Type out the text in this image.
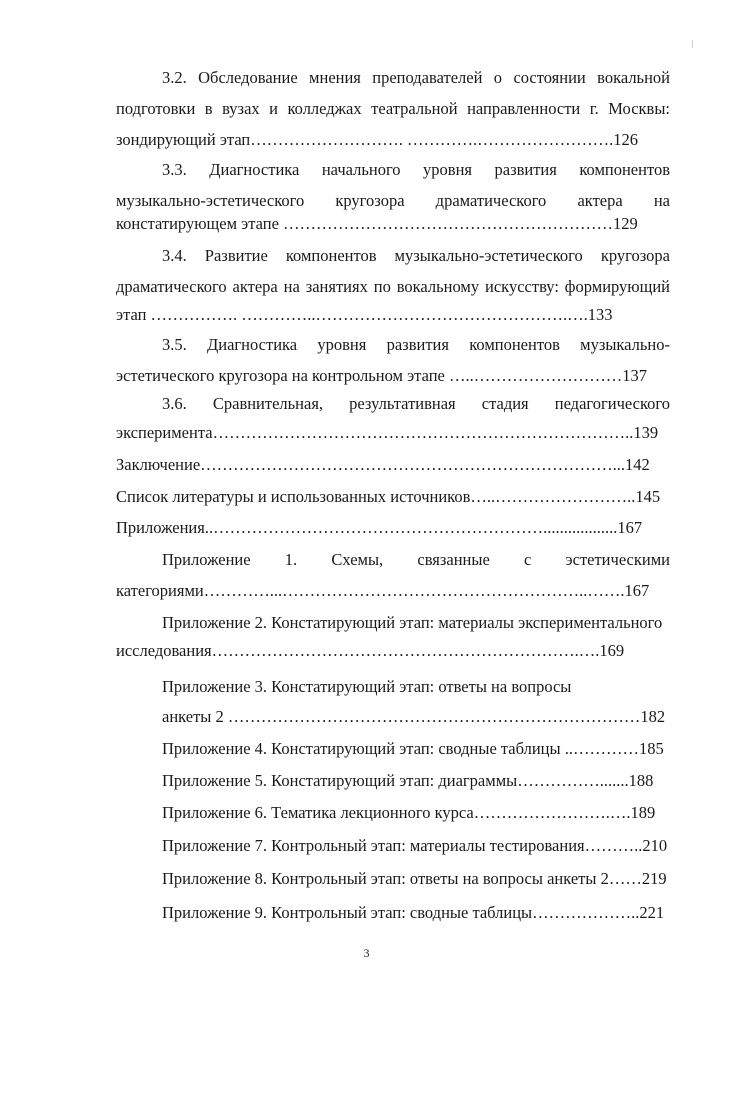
3.2. Обследование мнения преподавателей о состоянии вокальной
подготовки в вузах и колледжах театральной направленности г. Москвы:
зондирующий этап………………………. ………….…………………….126
3.3. Диагностика начального уровня развития компонентов
музыкально-эстетического кругозора драматического актера на
констатирующем этапе ……………………………………………………129
3.4. Развитие компонентов музыкально-эстетического кругозора
драматического актера на занятиях по вокальному искусству: формирующий
этап ……………. …………..……………………………………….….133
3.5. Диагностика уровня развития компонентов музыкально-
эстетического кругозора на контрольном этапе …..………………………137
3.6. Сравнительная, результативная стадия педагогического
эксперимента…………………………………………………………………..139
Заключение…………………………………………………………………...142
Список литературы и использованных источников…..……………………..145
Приложения..……………………………………………………..................167
Приложение 1. Схемы, связанные с эстетическими
категориями…………...………………………………………………..…….167
Приложение 2. Констатирующий этап: материалы экспериментального
исследования………………………………………………………….….169
Приложение 3. Констатирующий этап: ответы на вопросы
анкеты 2 …………………………………………………………………182
Приложение 4. Констатирующий этап: сводные таблицы ..…………185
Приложение 5. Констатирующий этап: диаграммы…………….......188
Приложение 6. Тематика лекционного курса…………………….….189
Приложение 7. Контрольный этап: материалы тестирования………..210
Приложение 8. Контрольный этап: ответы на вопросы анкеты 2……219
Приложение 9. Контрольный этап: сводные таблицы………………..221
3
